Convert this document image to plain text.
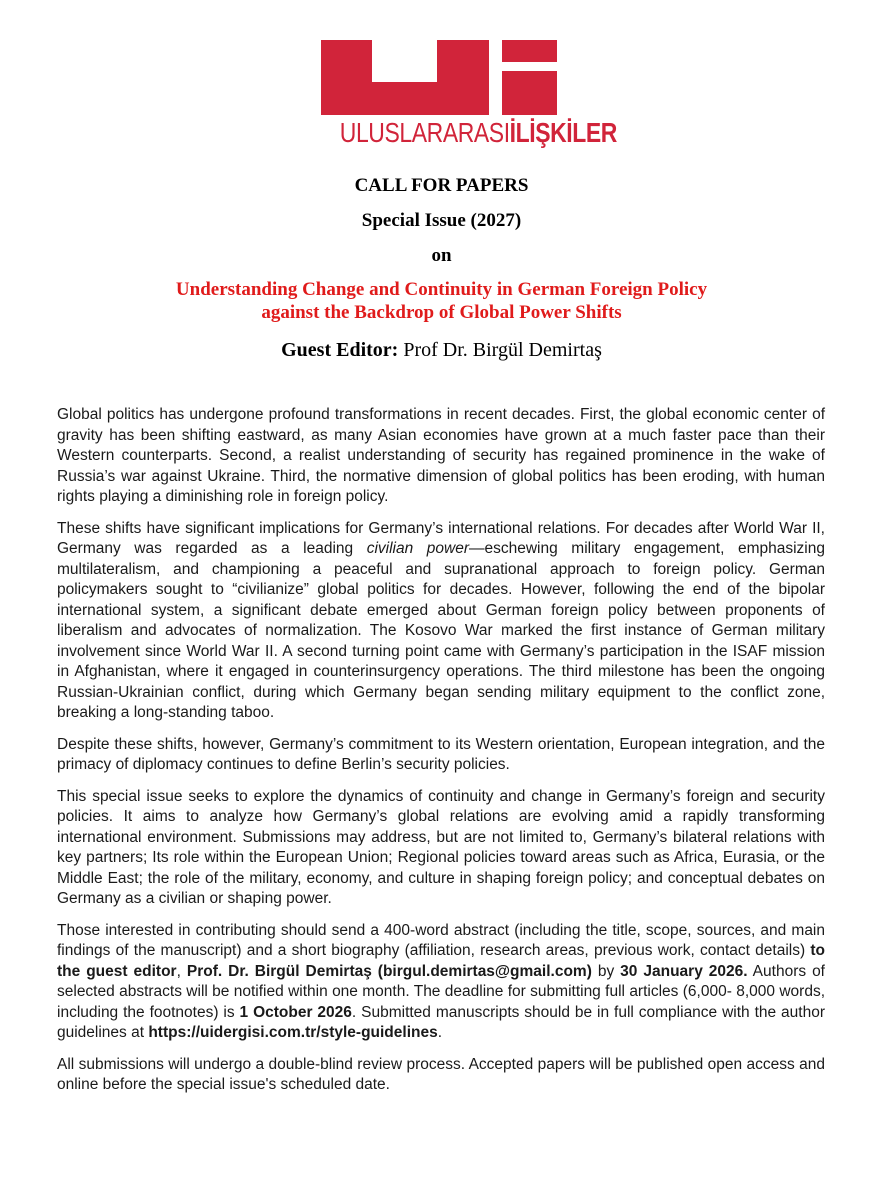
ULUSLARARASIİLİŞKİLER
CALL FOR PAPERS
Special Issue (2027)
on
Understanding Change and Continuity in German Foreign Policy
against the Backdrop of Global Power Shifts
Guest Editor: Prof Dr. Birgül Demirtaş

Global politics has undergone profound transformations in recent decades. First, the global economic center of gravity has been shifting eastward, as many Asian economies have grown at a much faster pace than their Western counterparts. Second, a realist understanding of security has regained prominence in the wake of Russia’s war against Ukraine. Third, the normative dimension of global politics has been eroding, with human rights playing a diminishing role in foreign policy.

These shifts have significant implications for Germany’s international relations. For decades after World War II, Germany was regarded as a leading civilian power—eschewing military engagement, emphasizing multilateralism, and championing a peaceful and supranational approach to foreign policy. German policymakers sought to “civilianize” global politics for decades. However, following the end of the bipolar international system, a significant debate emerged about German foreign policy between proponents of liberalism and advocates of normalization. The Kosovo War marked the first instance of German military involvement since World War II. A second turning point came with Germany’s participation in the ISAF mission in Afghanistan, where it engaged in counterinsurgency operations. The third milestone has been the ongoing Russian-Ukrainian conflict, during which Germany began sending military equipment to the conflict zone, breaking a long-standing taboo.

Despite these shifts, however, Germany’s commitment to its Western orientation, European integration, and the primacy of diplomacy continues to define Berlin’s security policies.

This special issue seeks to explore the dynamics of continuity and change in Germany’s foreign and security policies. It aims to analyze how Germany’s global relations are evolving amid a rapidly transforming international environment. Submissions may address, but are not limited to, Germany’s bilateral relations with key partners; Its role within the European Union; Regional policies toward areas such as Africa, Eurasia, or the Middle East; the role of the military, economy, and culture in shaping foreign policy; and conceptual debates on Germany as a civilian or shaping power.

Those interested in contributing should send a 400-word abstract (including the title, scope, sources, and main findings of the manuscript) and a short biography (affiliation, research areas, previous work, contact details) to the guest editor, Prof. Dr. Birgül Demirtaş (birgul.demirtas@gmail.com) by 30 January 2026. Authors of selected abstracts will be notified within one month. The deadline for submitting full articles (6,000- 8,000 words, including the footnotes) is 1 October 2026. Submitted manuscripts should be in full compliance with the author guidelines at https://uidergisi.com.tr/style-guidelines.

All submissions will undergo a double-blind review process. Accepted papers will be published open access and online before the special issue's scheduled date.
